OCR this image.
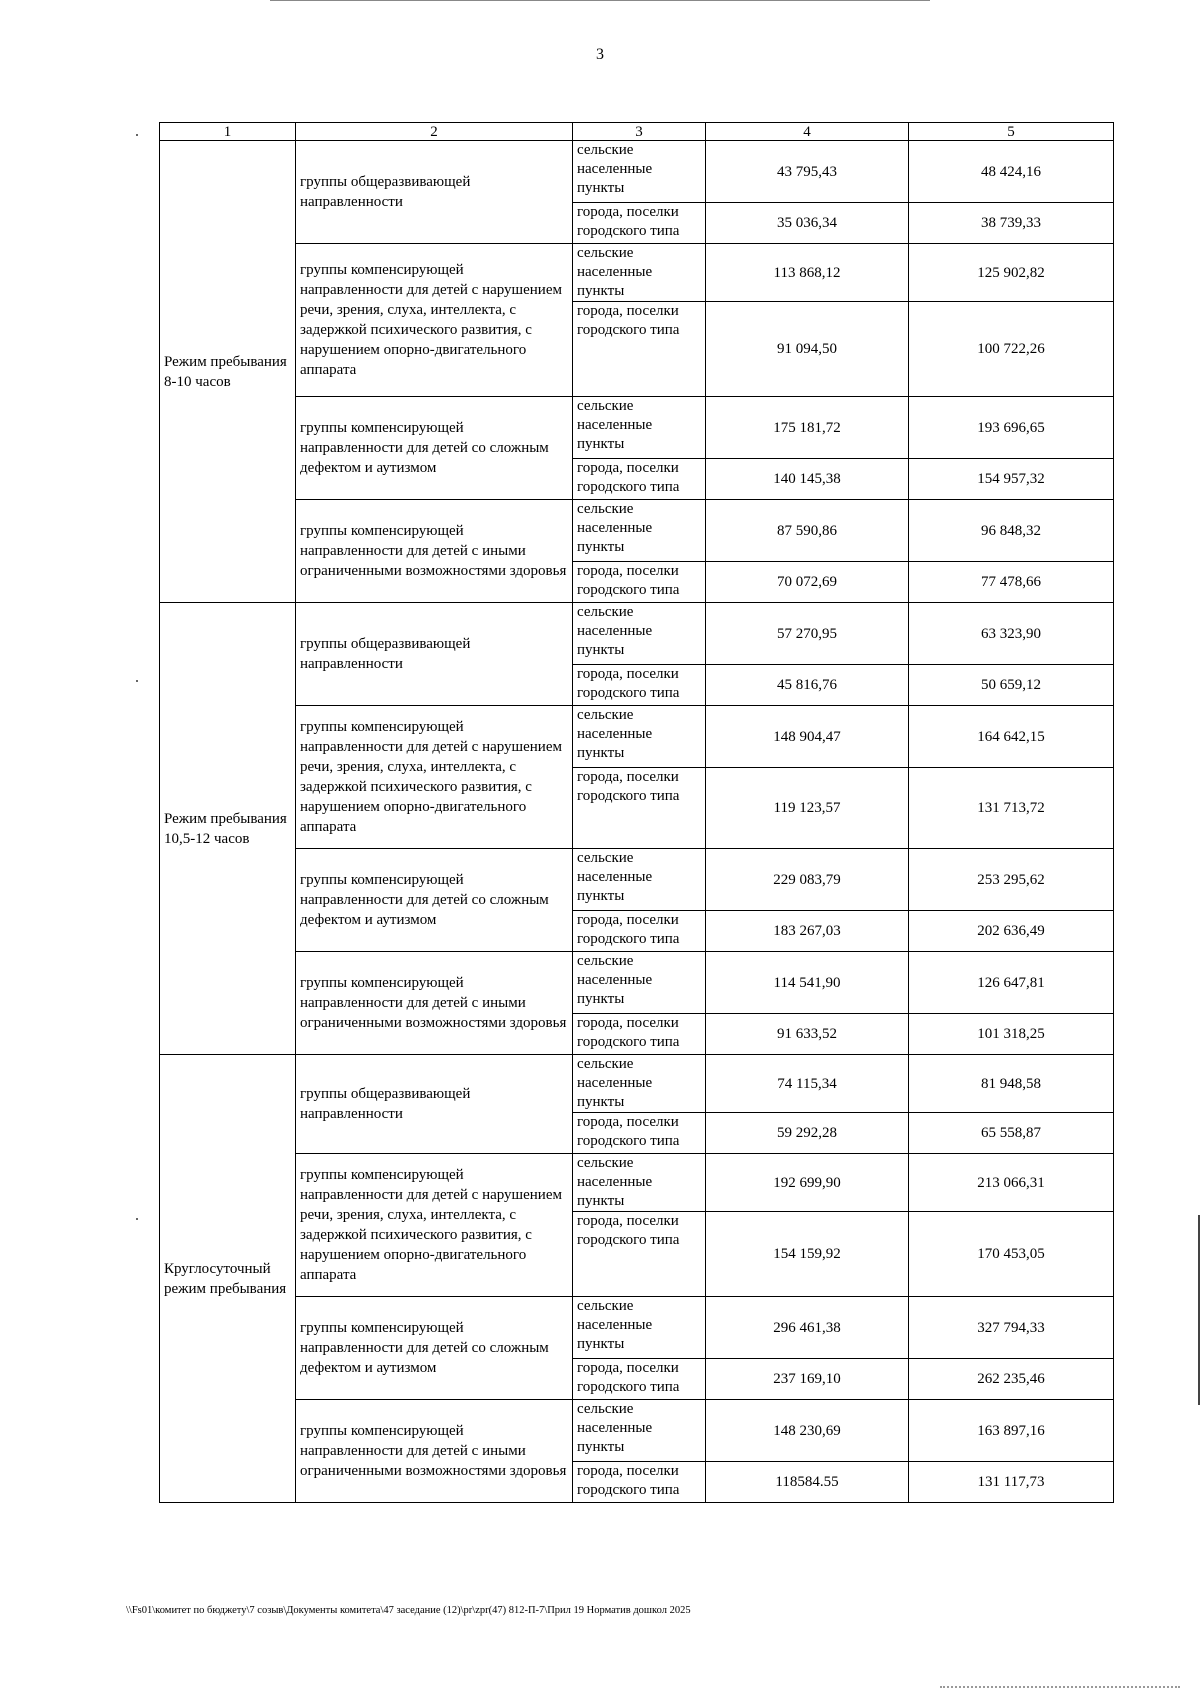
3
1	2	3	4	5
Режим пребывания 8-10 часов	группы общеразвивающей направленности	сельские населенные пункты	43 795,43	48 424,16
		города, поселки городского типа	35 036,34	38 739,33
	группы компенсирующей направленности для детей с нарушением речи, зрения, слуха, интеллекта, с задержкой психического развития, с нарушением опорно-двигательного аппарата	сельские населенные пункты	113 868,12	125 902,82
		города, поселки городского типа	91 094,50	100 722,26
	группы компенсирующей направленности для детей со сложным дефектом и аутизмом	сельские населенные пункты	175 181,72	193 696,65
		города, поселки городского типа	140 145,38	154 957,32
	группы компенсирующей направленности для детей с иными ограниченными возможностями здоровья	сельские населенные пункты	87 590,86	96 848,32
		города, поселки городского типа	70 072,69	77 478,66
Режим пребывания 10,5-12 часов	группы общеразвивающей направленности	сельские населенные пункты	57 270,95	63 323,90
		города, поселки городского типа	45 816,76	50 659,12
	группы компенсирующей направленности для детей с нарушением речи, зрения, слуха, интеллекта, с задержкой психического развития, с нарушением опорно-двигательного аппарата	сельские населенные пункты	148 904,47	164 642,15
		города, поселки городского типа	119 123,57	131 713,72
	группы компенсирующей направленности для детей со сложным дефектом и аутизмом	сельские населенные пункты	229 083,79	253 295,62
		города, поселки городского типа	183 267,03	202 636,49
	группы компенсирующей направленности для детей с иными ограниченными возможностями здоровья	сельские населенные пункты	114 541,90	126 647,81
		города, поселки городского типа	91 633,52	101 318,25
Круглосуточный режим пребывания	группы общеразвивающей направленности	сельские населенные пункты	74 115,34	81 948,58
		города, поселки городского типа	59 292,28	65 558,87
	группы компенсирующей направленности для детей с нарушением речи, зрения, слуха, интеллекта, с задержкой психического развития, с нарушением опорно-двигательного аппарата	сельские населенные пункты	192 699,90	213 066,31
		города, поселки городского типа	154 159,92	170 453,05
	группы компенсирующей направленности для детей со сложным дефектом и аутизмом	сельские населенные пункты	296 461,38	327 794,33
		города, поселки городского типа	237 169,10	262 235,46
	группы компенсирующей направленности для детей с иными ограниченными возможностями здоровья	сельские населенные пункты	148 230,69	163 897,16
		города, поселки городского типа	118584.55	131 117,73
\\Fs01\комитет по бюджету\7 созыв\Документы комитета\47 заседание (12)\pr\zpr(47) 812-П-7\Прил 19 Норматив дошкол 2025
